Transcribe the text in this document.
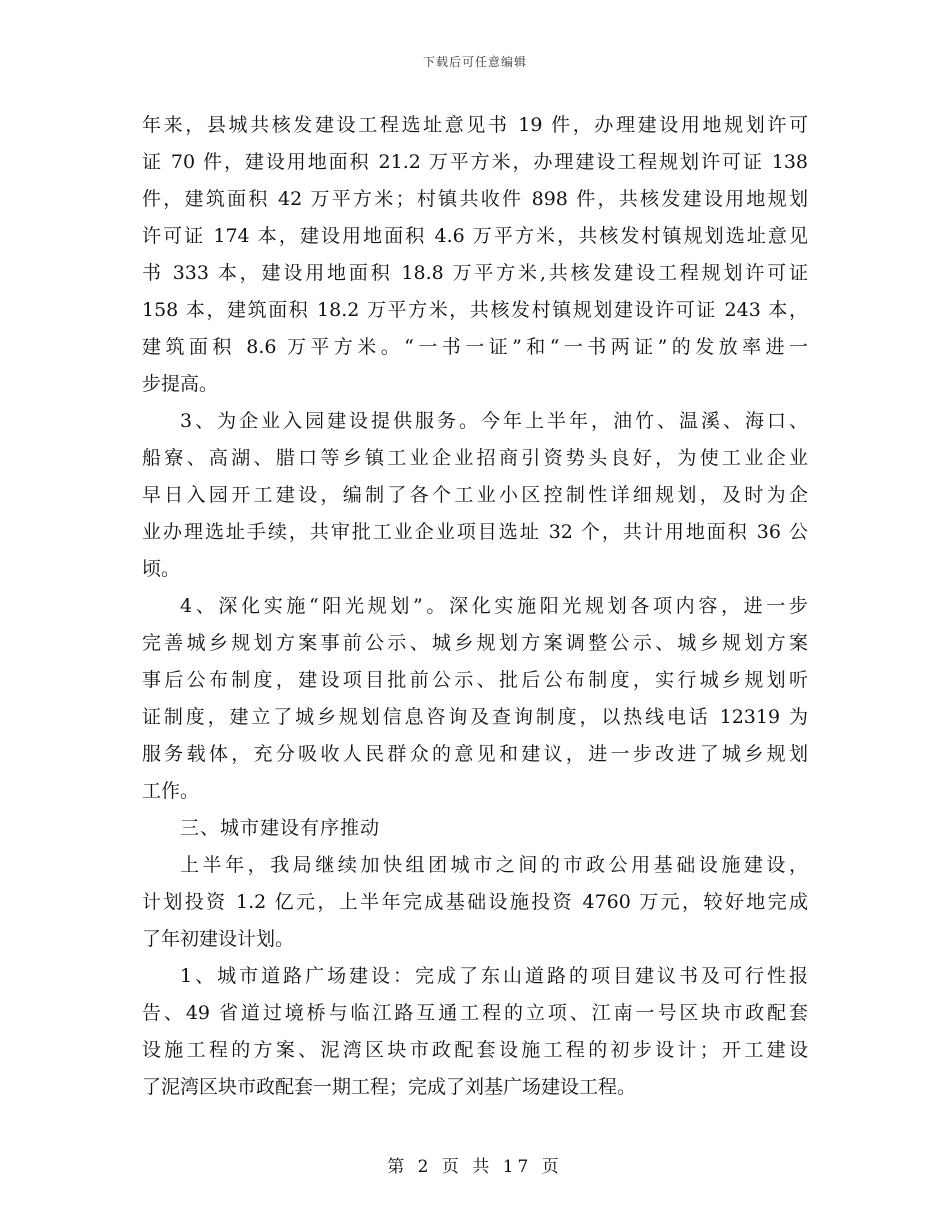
下载后可任意编辑
年来，县城共核发建设工程选址意见书 19 件，办理建设用地规划许可
证 70 件，建设用地面积 21.2 万平方米，办理建设工程规划许可证 138
件，建筑面积 42 万平方米；村镇共收件 898 件，共核发建设用地规划
许可证 174 本，建设用地面积 4.6 万平方米，共核发村镇规划选址意见
书 333 本，建设用地面积 18.8 万平方米,共核发建设工程规划许可证
158 本，建筑面积 18.2 万平方米，共核发村镇规划建设许可证 243 本，
建筑面积 8.6 万平方米。“一书一证”和“一书两证”的发放率进一
步提高。
3、为企业入园建设提供服务。今年上半年，油竹、温溪、海口、
船寮、高湖、腊口等乡镇工业企业招商引资势头良好，为使工业企业
早日入园开工建设，编制了各个工业小区控制性详细规划，及时为企
业办理选址手续，共审批工业企业项目选址 32 个，共计用地面积 36 公
顷。
4、深化实施“阳光规划”。深化实施阳光规划各项内容，进一步
完善城乡规划方案事前公示、城乡规划方案调整公示、城乡规划方案
事后公布制度，建设项目批前公示、批后公布制度，实行城乡规划听
证制度，建立了城乡规划信息咨询及查询制度，以热线电话 12319 为
服务载体，充分吸收人民群众的意见和建议，进一步改进了城乡规划
工作。
三、城市建设有序推动
上半年，我局继续加快组团城市之间的市政公用基础设施建设，
计划投资 1.2 亿元，上半年完成基础设施投资 4760 万元，较好地完成
了年初建设计划。
1、城市道路广场建设：完成了东山道路的项目建议书及可行性报
告、49 省道过境桥与临江路互通工程的立项、江南一号区块市政配套
设施工程的方案、泥湾区块市政配套设施工程的初步设计；开工建设
了泥湾区块市政配套一期工程；完成了刘基广场建设工程。
第 2 页 共 17 页
